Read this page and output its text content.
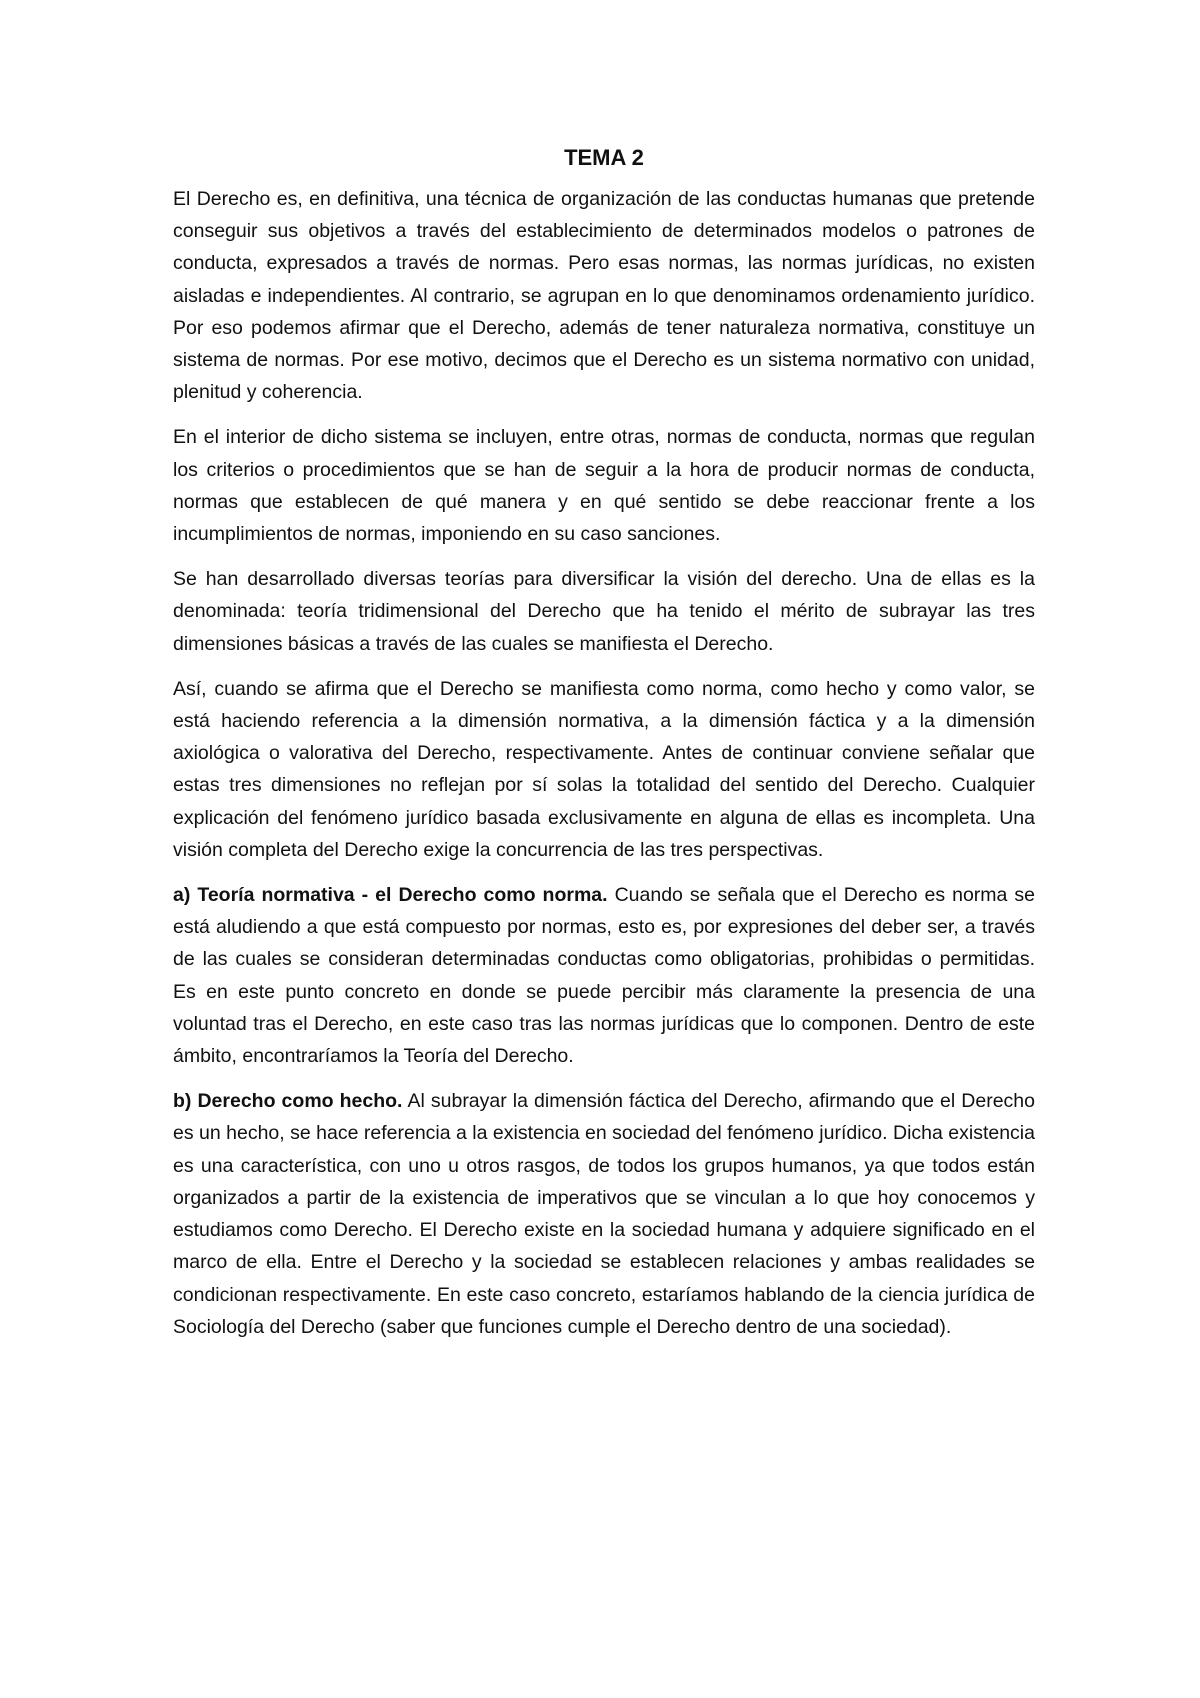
TEMA 2

El Derecho es, en definitiva, una técnica de organización de las conductas humanas que pretende conseguir sus objetivos a través del establecimiento de determinados modelos o patrones de conducta, expresados a través de normas. Pero esas normas, las normas jurídicas, no existen aisladas e independientes. Al contrario, se agrupan en lo que denominamos ordenamiento jurídico. Por eso podemos afirmar que el Derecho, además de tener naturaleza normativa, constituye un sistema de normas. Por ese motivo, decimos que el Derecho es un sistema normativo con unidad, plenitud y coherencia.

En el interior de dicho sistema se incluyen, entre otras, normas de conducta, normas que regulan los criterios o procedimientos que se han de seguir a la hora de producir normas de conducta, normas que establecen de qué manera y en qué sentido se debe reaccionar frente a los incumplimientos de normas, imponiendo en su caso sanciones.

Se han desarrollado diversas teorías para diversificar la visión del derecho. Una de ellas es la denominada: teoría tridimensional del Derecho que ha tenido el mérito de subrayar las tres dimensiones básicas a través de las cuales se manifiesta el Derecho.

Así, cuando se afirma que el Derecho se manifiesta como norma, como hecho y como valor, se está haciendo referencia a la dimensión normativa, a la dimensión fáctica y a la dimensión axiológica o valorativa del Derecho, respectivamente. Antes de continuar conviene señalar que estas tres dimensiones no reflejan por sí solas la totalidad del sentido del Derecho. Cualquier explicación del fenómeno jurídico basada exclusivamente en alguna de ellas es incompleta. Una visión completa del Derecho exige la concurrencia de las tres perspectivas.

a) Teoría normativa - el Derecho como norma. Cuando se señala que el Derecho es norma se está aludiendo a que está compuesto por normas, esto es, por expresiones del deber ser, a través de las cuales se consideran determinadas conductas como obligatorias, prohibidas o permitidas. Es en este punto concreto en donde se puede percibir más claramente la presencia de una voluntad tras el Derecho, en este caso tras las normas jurídicas que lo componen. Dentro de este ámbito, encontraríamos la Teoría del Derecho.

b) Derecho como hecho. Al subrayar la dimensión fáctica del Derecho, afirmando que el Derecho es un hecho, se hace referencia a la existencia en sociedad del fenómeno jurídico. Dicha existencia es una característica, con uno u otros rasgos, de todos los grupos humanos, ya que todos están organizados a partir de la existencia de imperativos que se vinculan a lo que hoy conocemos y estudiamos como Derecho. El Derecho existe en la sociedad humana y adquiere significado en el marco de ella. Entre el Derecho y la sociedad se establecen relaciones y ambas realidades se condicionan respectivamente. En este caso concreto, estaríamos hablando de la ciencia jurídica de Sociología del Derecho (saber que funciones cumple el Derecho dentro de una sociedad).
